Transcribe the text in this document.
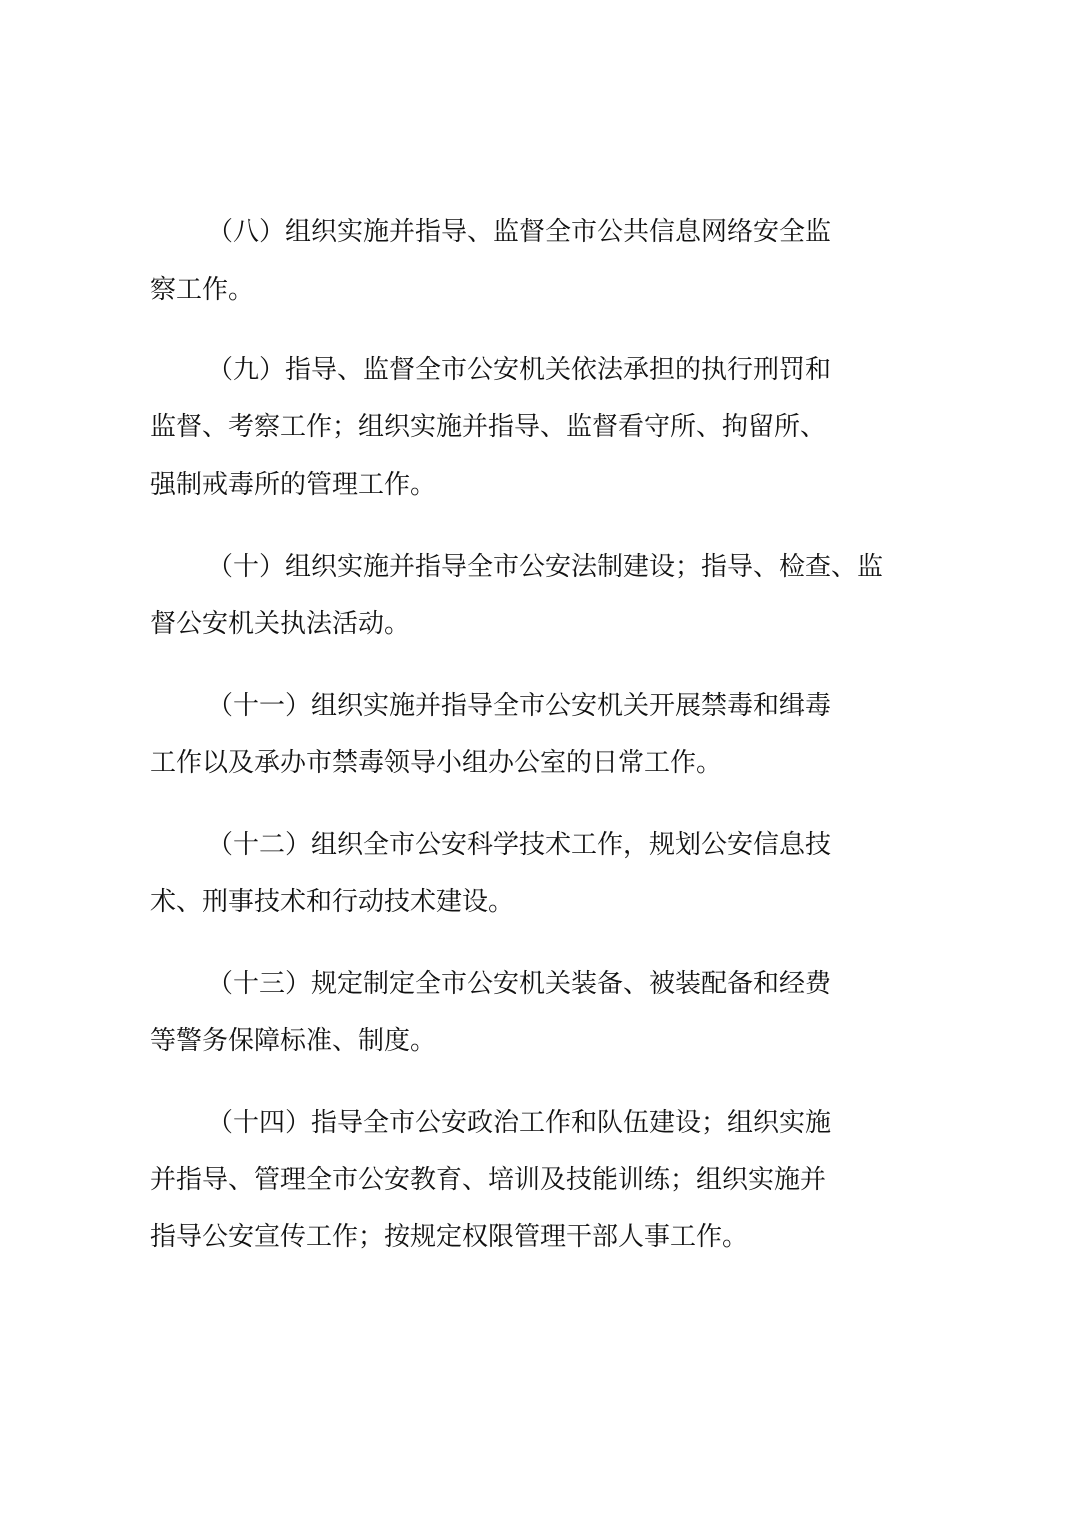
（八）组织实施并指导、监督全市公共信息网络安全监
察工作。
（九）指导、监督全市公安机关依法承担的执行刑罚和
监督、考察工作；组织实施并指导、监督看守所、拘留所、
强制戒毒所的管理工作。
（十）组织实施并指导全市公安法制建设；指导、检查、监
督公安机关执法活动。
（十一）组织实施并指导全市公安机关开展禁毒和缉毒
工作以及承办市禁毒领导小组办公室的日常工作。
（十二）组织全市公安科学技术工作，规划公安信息技
术、刑事技术和行动技术建设。
（十三）规定制定全市公安机关装备、被装配备和经费
等警务保障标准、制度。
（十四）指导全市公安政治工作和队伍建设；组织实施
并指导、管理全市公安教育、培训及技能训练；组织实施并
指导公安宣传工作；按规定权限管理干部人事工作。
